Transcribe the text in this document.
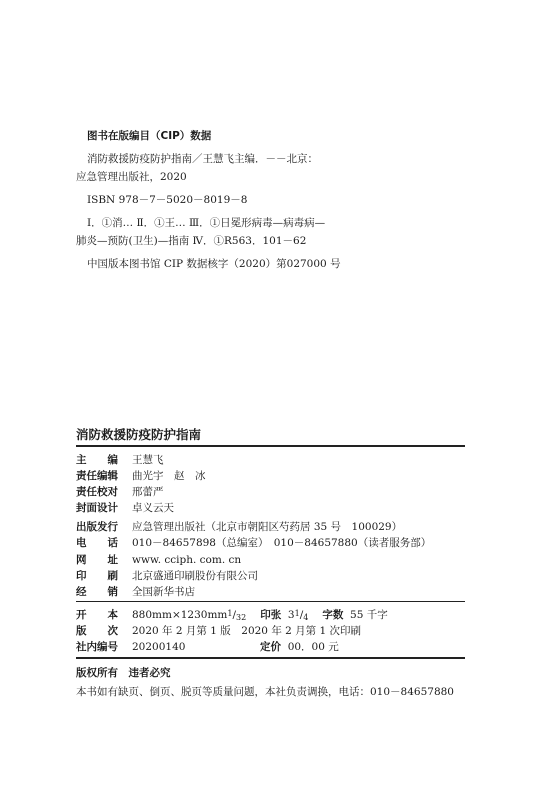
图书在版编目（CIP）数据
消防救援防疫防护指南／王慧飞主编．－－北京：
应急管理出版社，2020
ISBN 978－7－5020－8019－8
Ⅰ．①消… Ⅱ．①王… Ⅲ．①日冕形病毒—病毒病—
肺炎—预防(卫生)—指南 Ⅳ．①R563．101－62
中国版本图书馆 CIP 数据核字（2020）第027000 号
消防救援防疫防护指南
主　　编 王慧飞
责任编辑 曲光宇　赵　冰
责任校对 邢蕾严
封面设计 卓义云天
出版发行 应急管理出版社（北京市朝阳区芍药居 35 号　100029）
电　　话 010－84657898（总编室）　010－84657880（读者服务部）
网　　址 www. cciph. com. cn
印　　刷 北京盛通印刷股份有限公司
经　　销 全国新华书店
开　　本 $880mm\times 1230mm^1/_{32}$ 印张 $3^1/_4$ 字数 55 千字
版　　次 2020 年 2 月第 1 版　2020 年 2 月第 1 次印刷
社内编号 20200140	定价 00．00 元
版权所有　违者必究
本书如有缺页、倒页、脱页等质量问题，本社负责调换，电话：010－84657880
